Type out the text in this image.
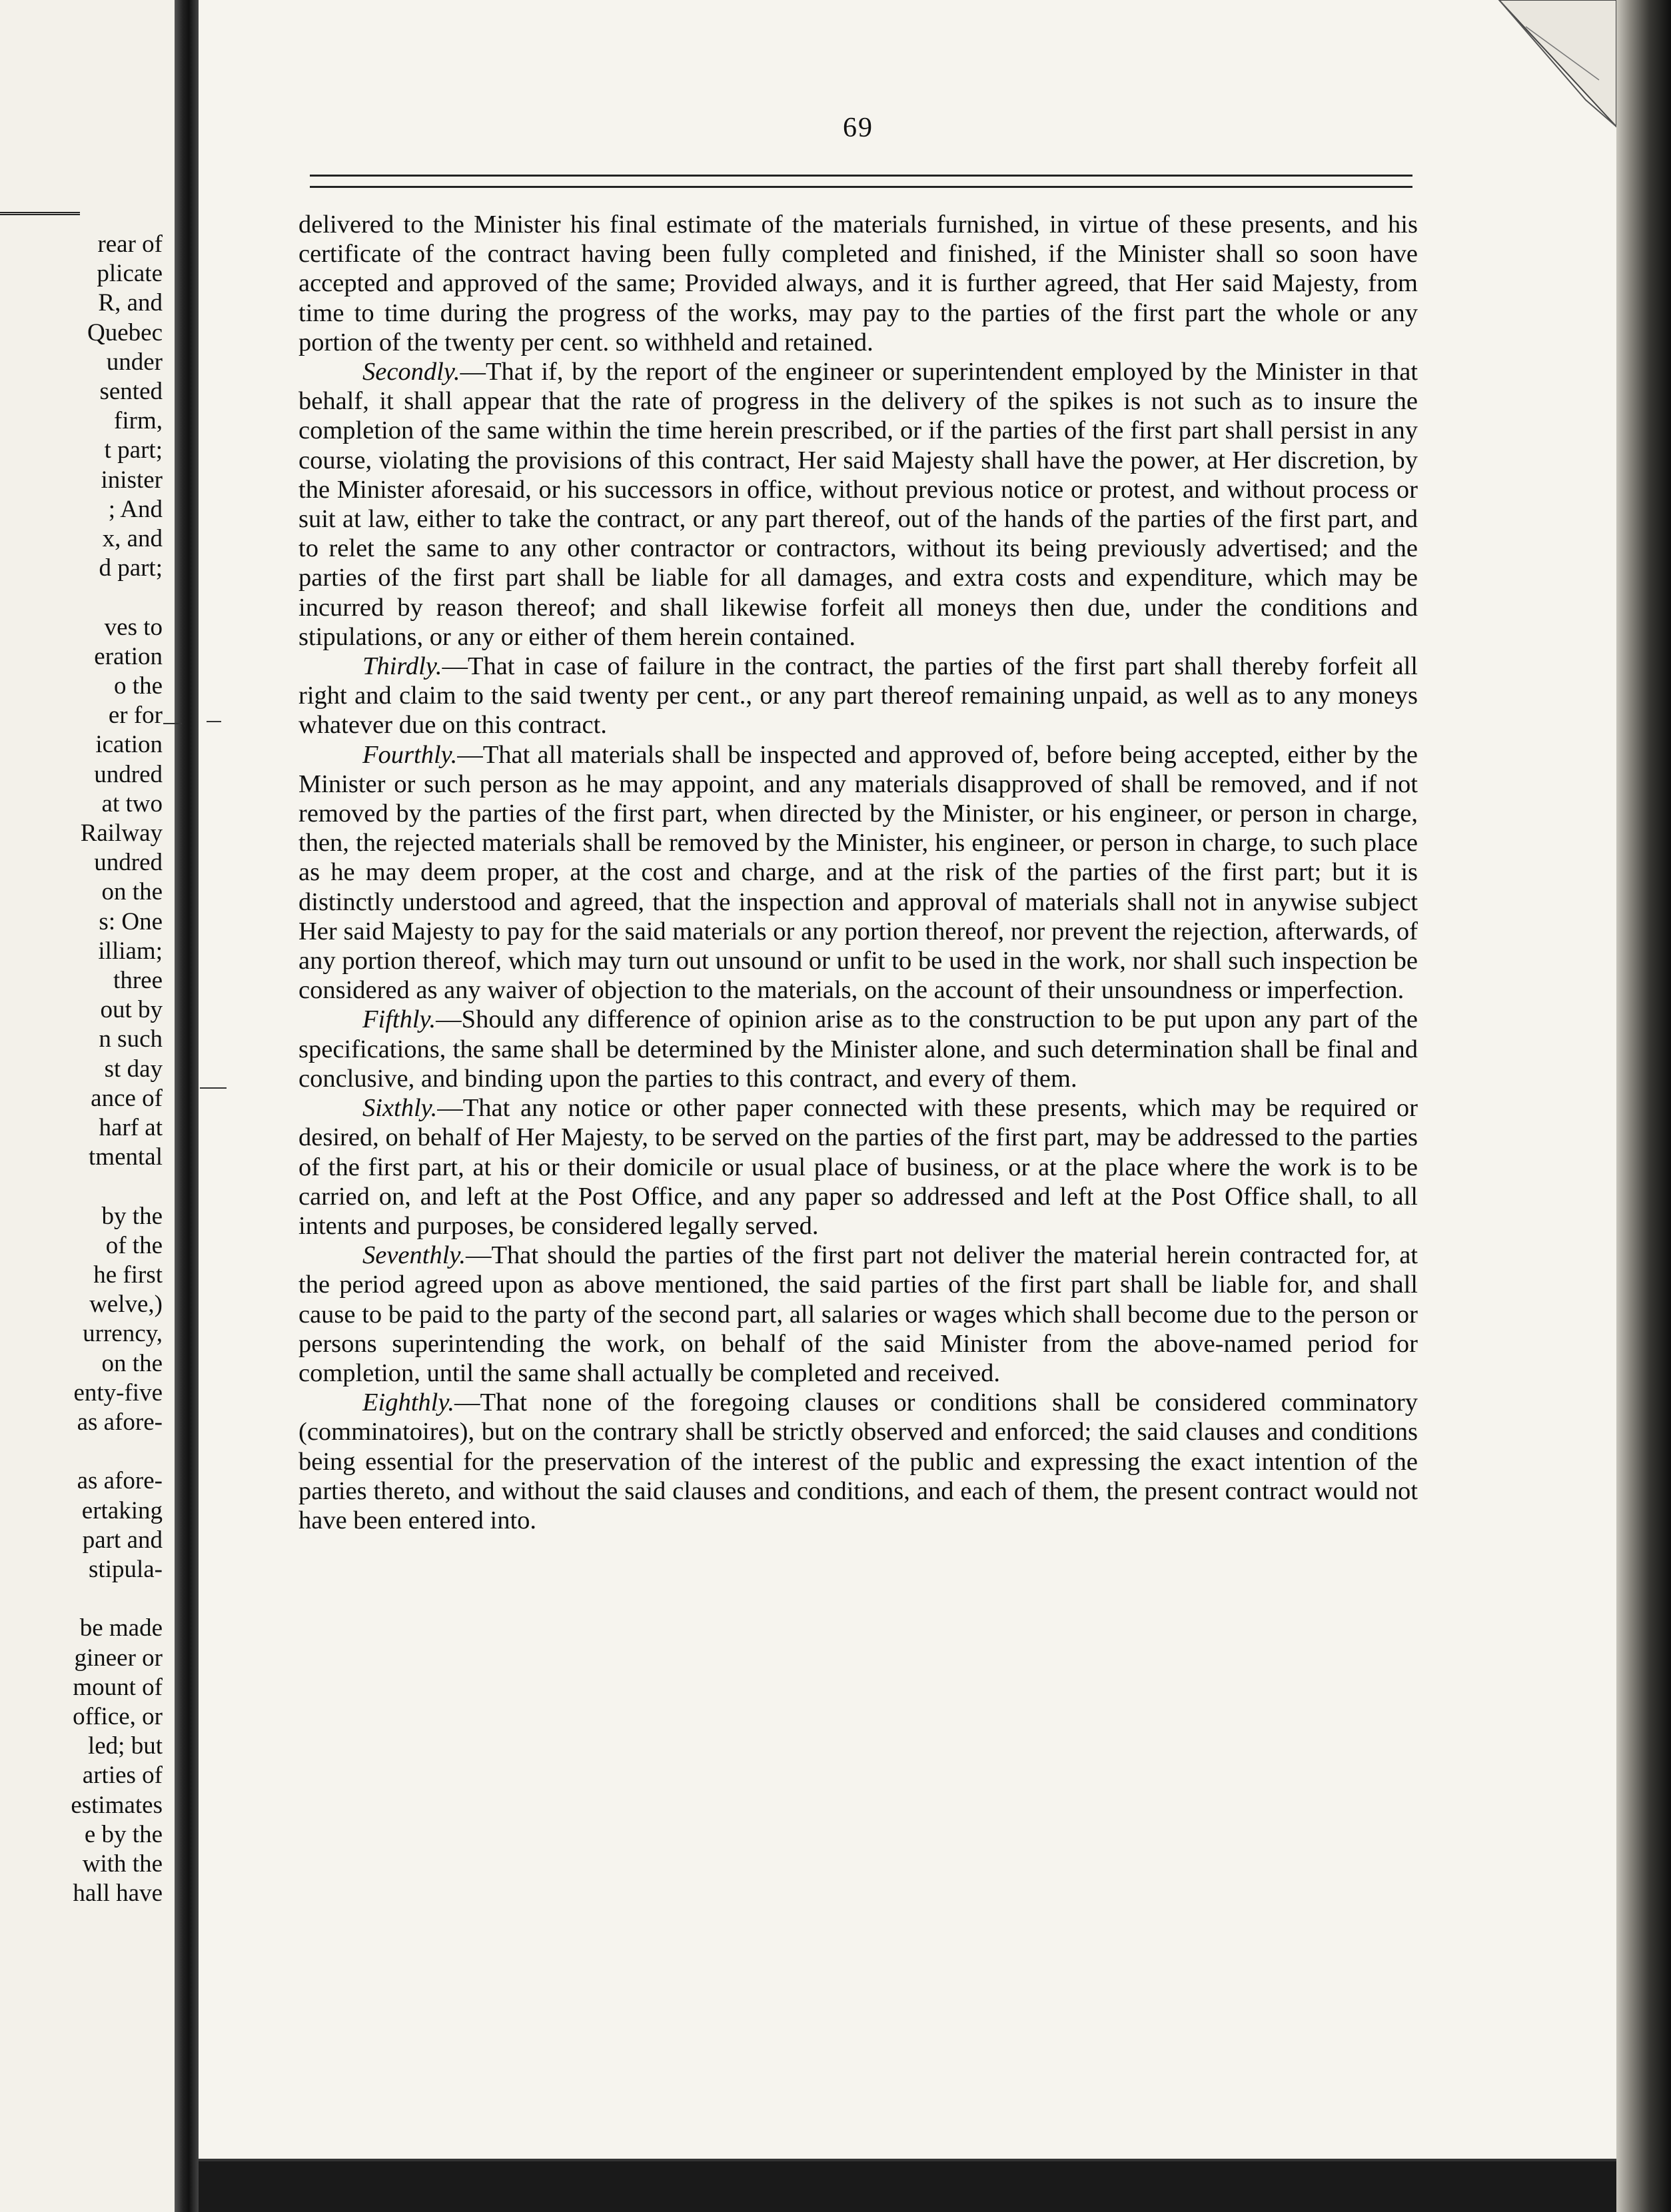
rear of
plicate
R, and
Quebec
under
sented
firm,
t part;
inister
; And
x, and
d part;
ves to
eration
o the
er for
ication
undred
at two
Railway
undred
on the
s: One
illiam;
three
out by
n such
st day
ance of
harf at
tmental
by the
of the
he first
welve,)
urrency,
on the
enty-five
as afore-
as afore-
ertaking
part and
stipula-
be made
gineer or
mount of
office, or
led; but
arties of
estimates
e by the
with the
hall have
69

delivered to the Minister his final estimate of the materials furnished, in virtue of these presents, and his certificate of the contract having been fully completed and finished, if the Minister shall so soon have accepted and approved of the same; Provided always, and it is further agreed, that Her said Majesty, from time to time during the progress of the works, may pay to the parties of the first part the whole or any portion of the twenty per cent. so withheld and retained.

Secondly.—That if, by the report of the engineer or superintendent employed by the Minister in that behalf, it shall appear that the rate of progress in the delivery of the spikes is not such as to insure the completion of the same within the time herein prescribed, or if the parties of the first part shall persist in any course, violating the provisions of this contract, Her said Majesty shall have the power, at Her discretion, by the Minister aforesaid, or his successors in office, without previous notice or protest, and without process or suit at law, either to take the contract, or any part thereof, out of the hands of the parties of the first part, and to relet the same to any other contractor or contractors, without its being previously advertised; and the parties of the first part shall be liable for all damages, and extra costs and expenditure, which may be incurred by reason thereof; and shall likewise forfeit all moneys then due, under the conditions and stipulations, or any or either of them herein contained.

Thirdly.—That in case of failure in the contract, the parties of the first part shall thereby forfeit all right and claim to the said twenty per cent., or any part thereof remaining unpaid, as well as to any moneys whatever due on this contract.

Fourthly.—That all materials shall be inspected and approved of, before being accepted, either by the Minister or such person as he may appoint, and any materials disapproved of shall be removed, and if not removed by the parties of the first part, when directed by the Minister, or his engineer, or person in charge, then, the rejected materials shall be removed by the Minister, his engineer, or person in charge, to such place as he may deem proper, at the cost and charge, and at the risk of the parties of the first part; but it is distinctly understood and agreed, that the inspection and approval of materials shall not in anywise subject Her said Majesty to pay for the said materials or any portion thereof, nor prevent the rejection, afterwards, of any portion thereof, which may turn out unsound or unfit to be used in the work, nor shall such inspection be considered as any waiver of objection to the materials, on the account of their unsoundness or imperfection.

Fifthly.—Should any difference of opinion arise as to the construction to be put upon any part of the specifications, the same shall be determined by the Minister alone, and such determination shall be final and conclusive, and binding upon the parties to this contract, and every of them.

Sixthly.—That any notice or other paper connected with these presents, which may be required or desired, on behalf of Her Majesty, to be served on the parties of the first part, may be addressed to the parties of the first part, at his or their domicile or usual place of business, or at the place where the work is to be carried on, and left at the Post Office, and any paper so addressed and left at the Post Office shall, to all intents and purposes, be considered legally served.

Seventhly.—That should the parties of the first part not deliver the material herein contracted for, at the period agreed upon as above mentioned, the said parties of the first part shall be liable for, and shall cause to be paid to the party of the second part, all salaries or wages which shall become due to the person or persons superintending the work, on behalf of the said Minister from the above-named period for completion, until the same shall actually be completed and received.

Eighthly.—That none of the foregoing clauses or conditions shall be considered comminatory (comminatoires), but on the contrary shall be strictly observed and enforced; the said clauses and conditions being essential for the preservation of the interest of the public and expressing the exact intention of the parties thereto, and without the said clauses and conditions, and each of them, the present contract would not have been entered into.
